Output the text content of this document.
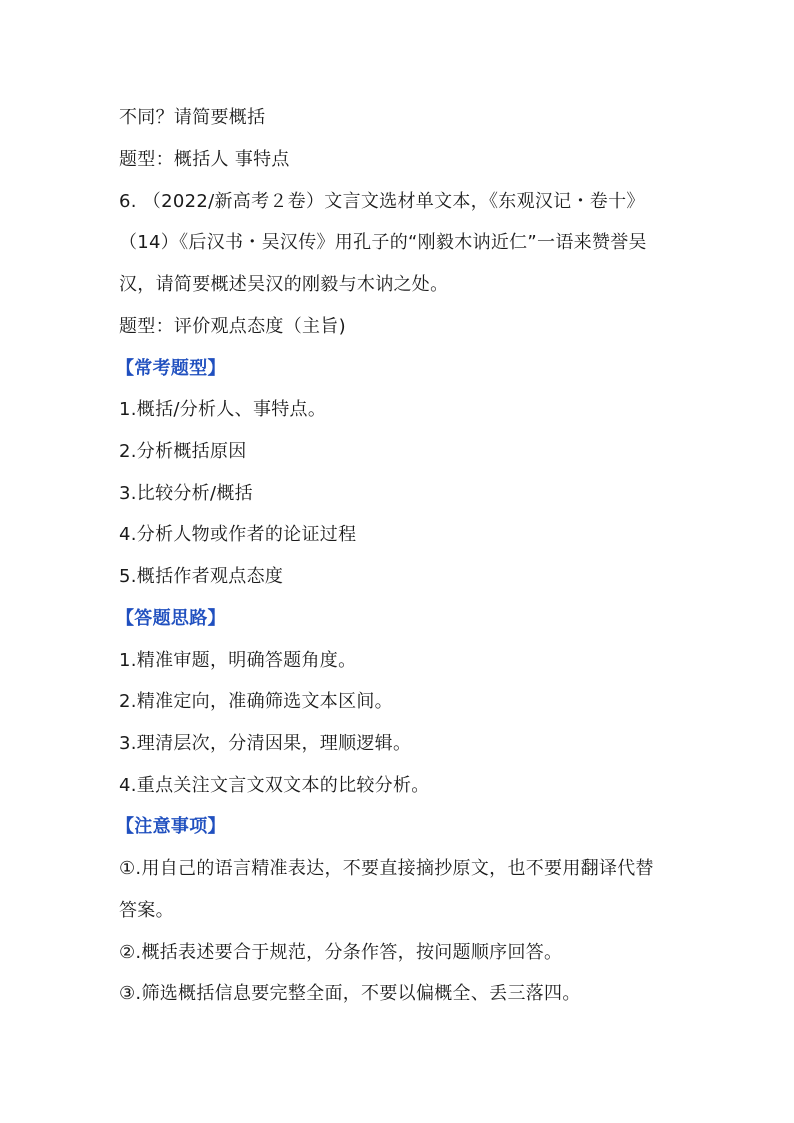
不同？请简要概括
题型：概括人 事特点
6. （2022/新高考２卷）文言文选材单文本，《东观汉记・卷十》
（14）《后汉书・吴汉传》用孔子的“刚毅木讷近仁”一语来赞誉吴
汉，请简要概述吴汉的刚毅与木讷之处。
题型：评价观点态度（主旨)
【常考题型】
1.概括/分析人、事特点。
2.分析概括原因
3.比较分析/概括
4.分析人物或作者的论证过程
5.概括作者观点态度
【答题思路】
1.精准审题，明确答题角度。
2.精准定向，准确筛选文本区间。
3.理清层次，分清因果，理顺逻辑。
4.重点关注文言文双文本的比较分析。
【注意事项】
①.用自己的语言精准表达，不要直接摘抄原文，也不要用翻译代替
答案。
②.概括表述要合于规范，分条作答，按问题顺序回答。
③.筛选概括信息要完整全面，不要以偏概全、丢三落四。
